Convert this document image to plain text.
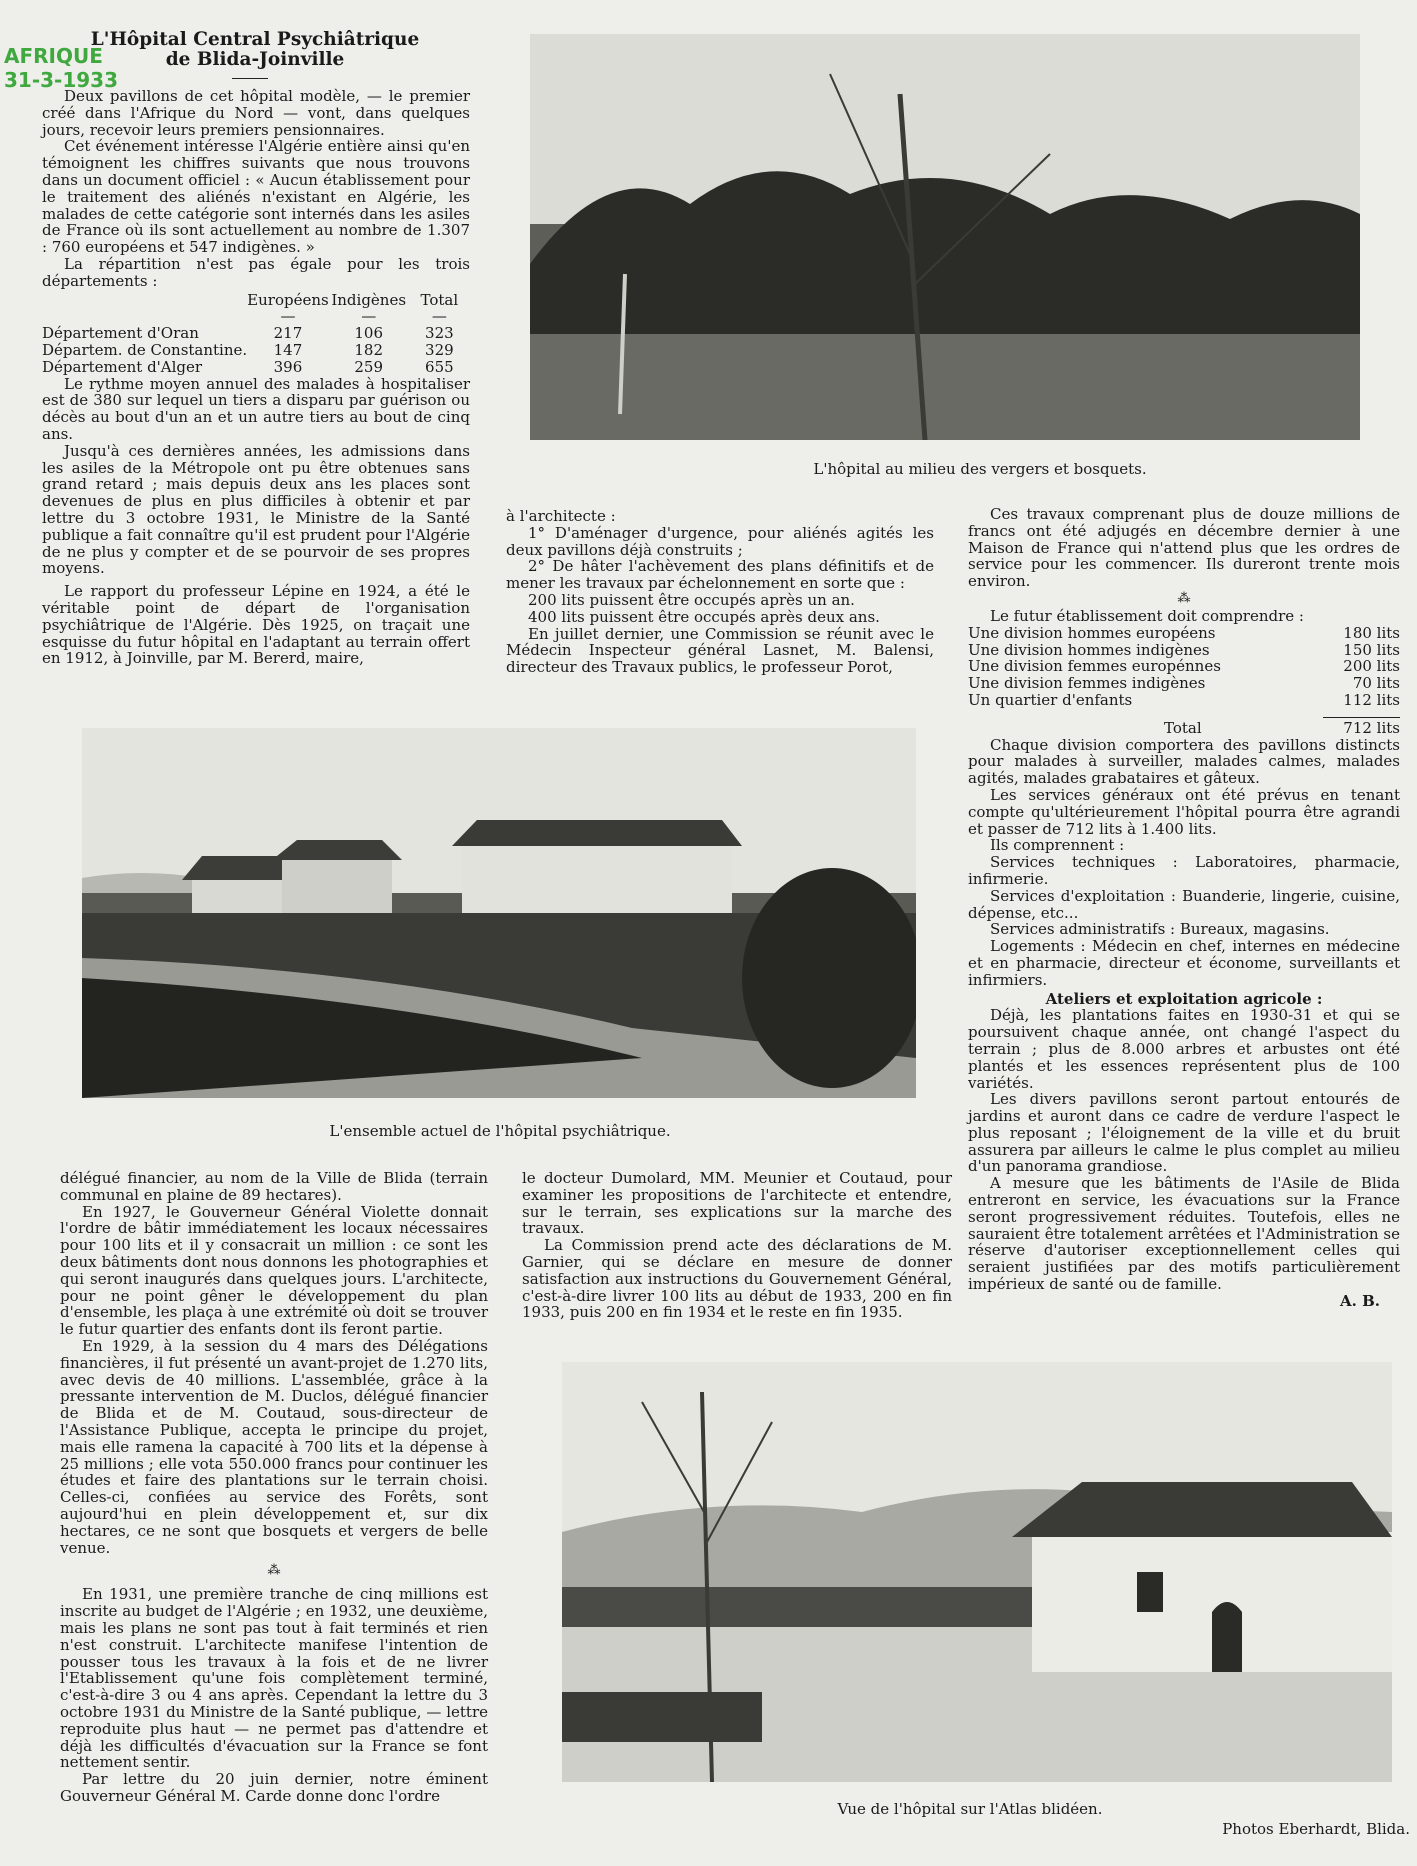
AFRIQUE
31-3-1933
L'Hôpital Central Psychiâtrique
de Blida-Joinville

Deux pavillons de cet hôpital modèle, — le premier créé dans l'Afrique du Nord — vont, dans quelques jours, recevoir leurs premiers pensionnaires.

Cet événement intéresse l'Algérie entière ainsi qu'en témoignent les chiffres suivants que nous trouvons dans un document officiel : « Aucun établissement pour le traitement des aliénés n'existant en Algérie, les malades de cette catégorie sont internés dans les asiles de France où ils sont actuellement au nombre de 1.307 : 760 européens et 547 indigènes. »

La répartition n'est pas égale pour les trois départements :

	Européens	Indigènes	Total
	—	—	—
Département d'Oran	217	106	323
Départem. de Constantine.	147	182	329
Département d'Alger	396	259	655

Le rythme moyen annuel des malades à hospitaliser est de 380 sur lequel un tiers a disparu par guérison ou décès au bout d'un an et un autre tiers au bout de cinq ans.

Jusqu'à ces dernières années, les admissions dans les asiles de la Métropole ont pu être obtenues sans grand retard ; mais depuis deux ans les places sont devenues de plus en plus difficiles à obtenir et par lettre du 3 octobre 1931, le Ministre de la Santé publique a fait connaître qu'il est prudent pour l'Algérie de ne plus y compter et de se pourvoir de ses propres moyens.

Le rapport du professeur Lépine en 1924, a été le véritable point de départ de l'organisation psychiâtrique de l'Algérie. Dès 1925, on traçait une esquisse du futur hôpital en l'adaptant au terrain offert en 1912, à Joinville, par M. Bererd, maire,

L'hôpital au milieu des vergers et bosquets.

à l'architecte :

1° D'aménager d'urgence, pour aliénés agités les deux pavillons déjà construits ;

2° De hâter l'achèvement des plans définitifs et de mener les travaux par échelonnement en sorte que :

200 lits puissent être occupés après un an.

400 lits puissent être occupés après deux ans.

En juillet dernier, une Commission se réunit avec le Médecin Inspecteur général Lasnet, M. Balensi, directeur des Travaux publics, le professeur Porot,

Ces travaux comprenant plus de douze millions de francs ont été adjugés en décembre dernier à une Maison de France qui n'attend plus que les ordres de service pour les commencer. Ils dureront trente mois environ.

⁂

Le futur établissement doit comprendre :

Une division hommes européens	180 lits
Une division hommes indigènes	150 lits
Une division femmes europénnes	200 lits
Une division femmes indigènes	70 lits
Un quartier d'enfants	112 lits
Total	712 lits

Chaque division comportera des pavillons distincts pour malades à surveiller, malades calmes, malades agités, malades grabataires et gâteux.

Les services généraux ont été prévus en tenant compte qu'ultérieurement l'hôpital pourra être agrandi et passer de 712 lits à 1.400 lits.

Ils comprennent :

Services techniques : Laboratoires, pharmacie, infirmerie.

Services d'exploitation : Buanderie, lingerie, cuisine, dépense, etc...

Services administratifs : Bureaux, magasins.

Logements : Médecin en chef, internes en médecine et en pharmacie, directeur et économe, surveillants et infirmiers.

Ateliers et exploitation agricole :

Déjà, les plantations faites en 1930-31 et qui se poursuivent chaque année, ont changé l'aspect du terrain ; plus de 8.000 arbres et arbustes ont été plantés et les essences représentent plus de 100 variétés.

Les divers pavillons seront partout entourés de jardins et auront dans ce cadre de verdure l'aspect le plus reposant ; l'éloignement de la ville et du bruit assurera par ailleurs le calme le plus complet au milieu d'un panorama grandiose.

A mesure que les bâtiments de l'Asile de Blida entreront en service, les évacuations sur la France seront progressivement réduites. Toutefois, elles ne sauraient être totalement arrêtées et l'Administration se réserve d'autoriser exceptionnellement celles qui seraient justifiées par des motifs particulièrement impérieux de santé ou de famille.

A. B.
L'ensemble actuel de l'hôpital psychiâtrique.

délégué financier, au nom de la Ville de Blida (terrain communal en plaine de 89 hectares).

En 1927, le Gouverneur Général Violette donnait l'ordre de bâtir immédiatement les locaux nécessaires pour 100 lits et il y consacrait un million : ce sont les deux bâtiments dont nous donnons les photographies et qui seront inaugurés dans quelques jours. L'architecte, pour ne point gêner le développement du plan d'ensemble, les plaça à une extrémité où doit se trouver le futur quartier des enfants dont ils feront partie.

En 1929, à la session du 4 mars des Délégations financières, il fut présenté un avant-projet de 1.270 lits, avec devis de 40 millions. L'assemblée, grâce à la pressante intervention de M. Duclos, délégué financier de Blida et de M. Coutaud, sous-directeur de l'Assistance Publique, accepta le principe du projet, mais elle ramena la capacité à 700 lits et la dépense à 25 millions ; elle vota 550.000 francs pour continuer les études et faire des plantations sur le terrain choisi. Celles-ci, confiées au service des Forêts, sont aujourd'hui en plein développement et, sur dix hectares, ce ne sont que bosquets et vergers de belle venue.

⁂

En 1931, une première tranche de cinq millions est inscrite au budget de l'Algérie ; en 1932, une deuxième, mais les plans ne sont pas tout à fait terminés et rien n'est construit. L'architecte manifese l'intention de pousser tous les travaux à la fois et de ne livrer l'Etablissement qu'une fois complètement terminé, c'est-à-dire 3 ou 4 ans après. Cependant la lettre du 3 octobre 1931 du Ministre de la Santé publique, — lettre reproduite plus haut — ne permet pas d'attendre et déjà les difficultés d'évacuation sur la France se font nettement sentir.

Par lettre du 20 juin dernier, notre éminent Gouverneur Général M. Carde donne donc l'ordre

le docteur Dumolard, MM. Meunier et Coutaud, pour examiner les propositions de l'architecte et entendre, sur le terrain, ses explications sur la marche des travaux.

La Commission prend acte des déclarations de M. Garnier, qui se déclare en mesure de donner satisfaction aux instructions du Gouvernement Général, c'est-à-dire livrer 100 lits au début de 1933, 200 en fin 1933, puis 200 en fin 1934 et le reste en fin 1935.

Vue de l'hôpital sur l'Atlas blidéen.
Photos Eberhardt, Blida.
